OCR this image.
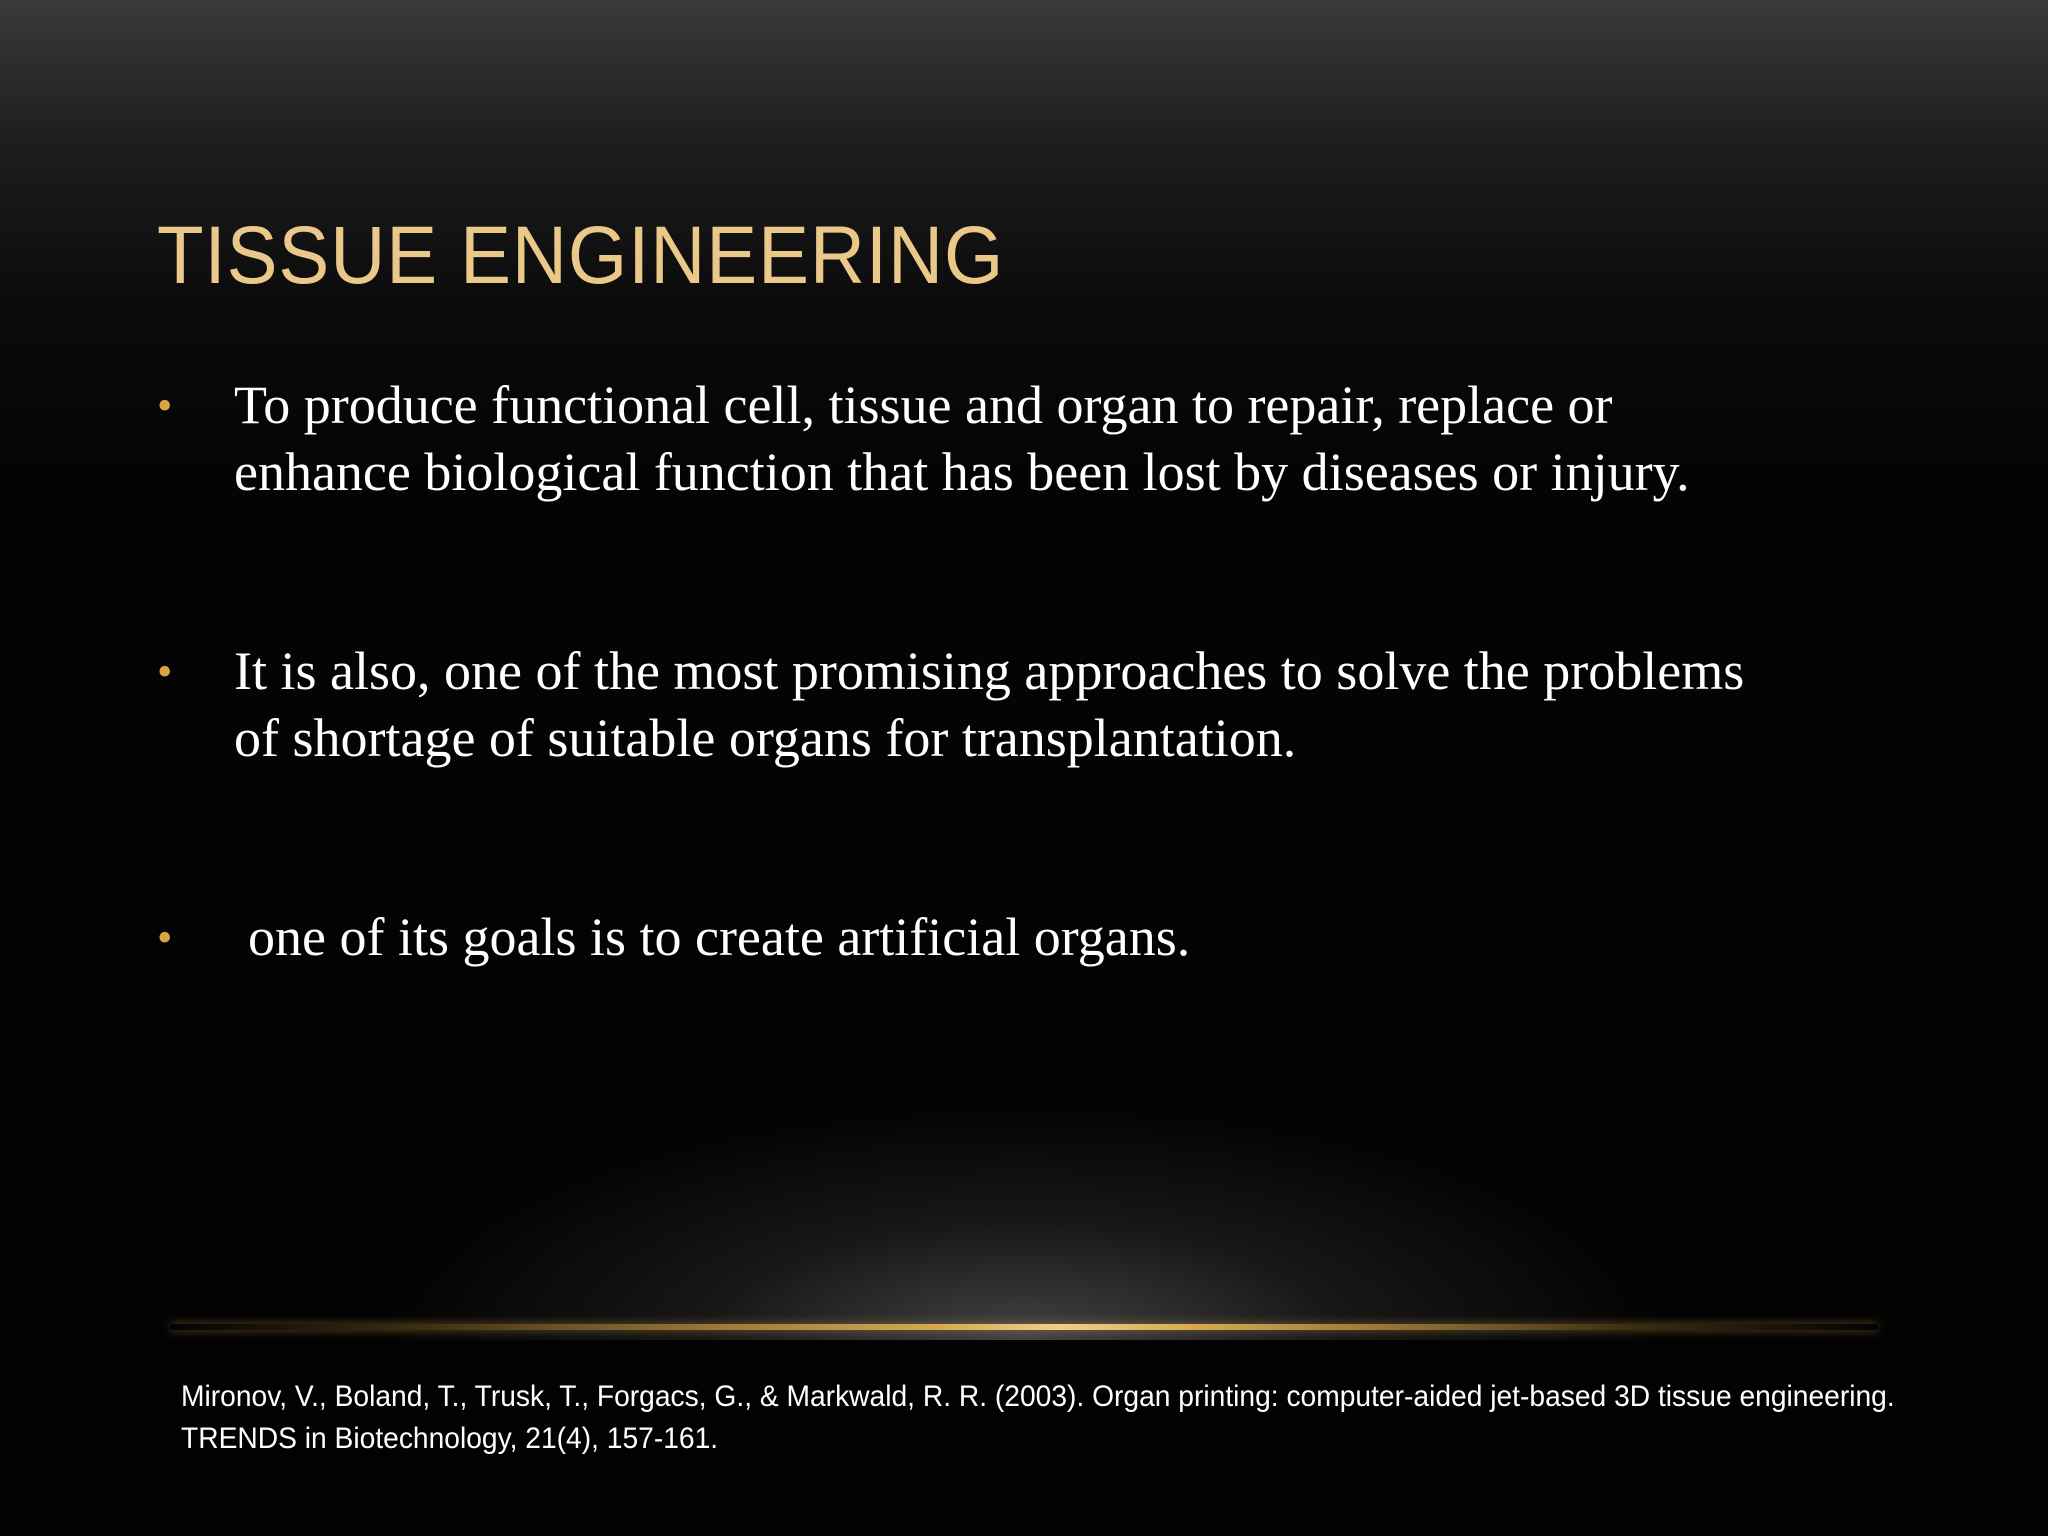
TISSUE ENGINEERING
• To produce functional cell, tissue and organ to repair, replace or
enhance biological function that has been lost by diseases or injury.
• It is also, one of the most promising approaches to solve the problems
of shortage of suitable organs for transplantation.
• one of its goals is to create artificial organs.
Mironov, V., Boland, T., Trusk, T., Forgacs, G., & Markwald, R. R. (2003). Organ printing: computer-aided jet-based 3D tissue engineering.
TRENDS in Biotechnology, 21(4), 157-161.
